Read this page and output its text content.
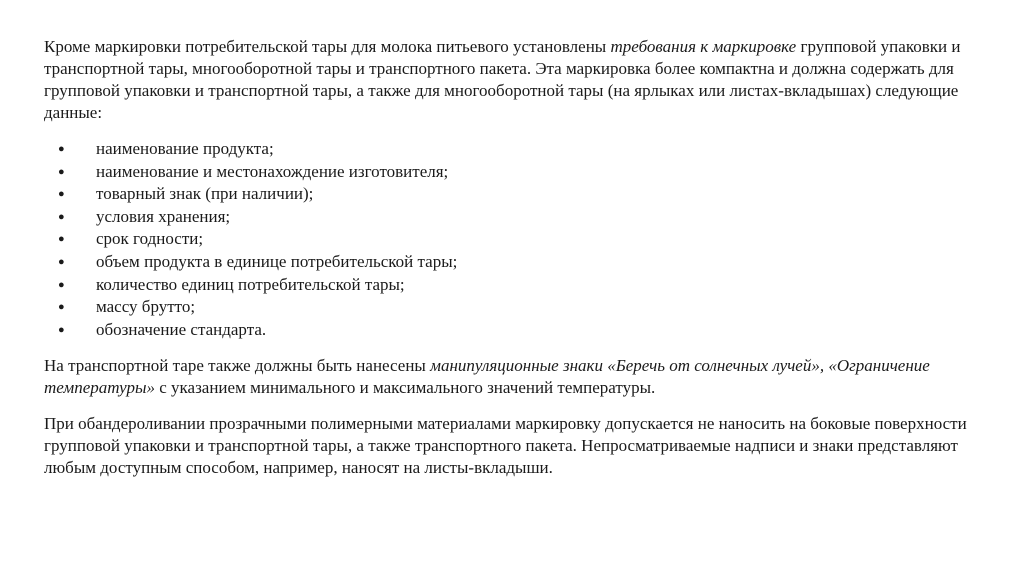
Кроме маркировки потребительской тары для молока питьевого установлены требования к маркировке групповой упаковки и транспортной тары, многооборотной тары и транспортного пакета. Эта маркировка более компактна и должна содержать для групповой упаковки и транспортной тары, а также для многооборотной тары (на ярлыках или листах-вкладышах) следующие данные:

● наименование продукта;
● наименование и местонахождение изготовителя;
● товарный знак (при наличии);
● условия хранения;
● срок годности;
● объем продукта в единице потребительской тары;
● количество единиц потребительской тары;
● массу брутто;
● обозначение стандарта.

На транспортной таре также должны быть нанесены манипуляционные знаки «Беречь от солнечных лучей», «Ограничение температуры» с указанием минимального и максимального значений температуры.

При обандероливании прозрачными полимерными материалами маркировку допускается не наносить на боковые поверхности групповой упаковки и транспортной тары, а также транспортного пакета. Непросматриваемые надписи и знаки представляют любым доступным способом, например, наносят на листы-вкладыши.
